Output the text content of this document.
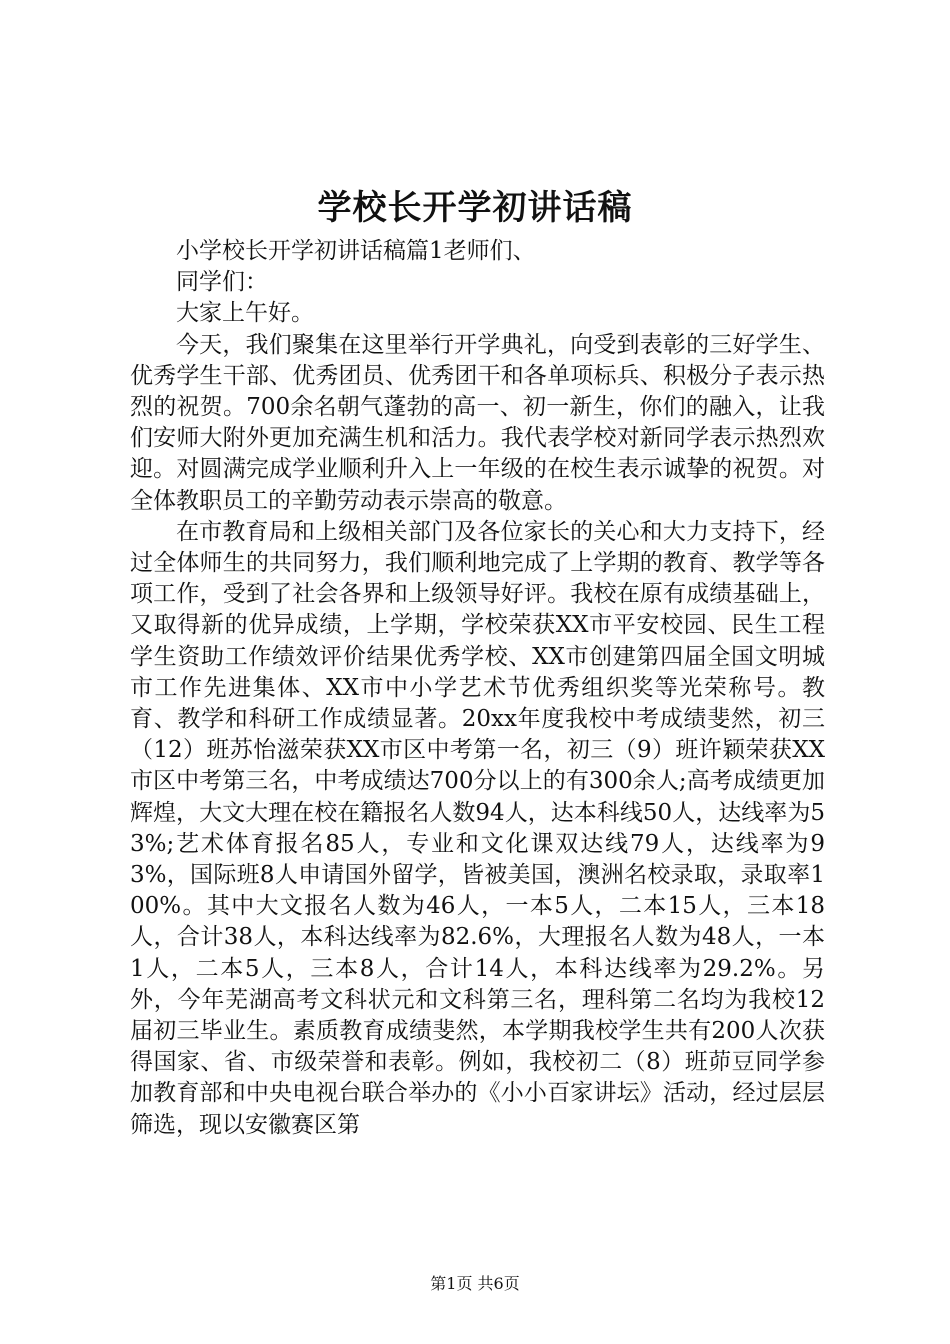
学校长开学初讲话稿

小学校长开学初讲话稿篇1老师们、

同学们：

大家上午好。

今天，我们聚集在这里举行开学典礼，向受到表彰的三好学生、优秀学生干部、优秀团员、优秀团干和各单项标兵、积极分子表示热烈的祝贺。700余名朝气蓬勃的高一、初一新生，你们的融入，让我们安师大附外更加充满生机和活力。我代表学校对新同学表示热烈欢迎。对圆满完成学业顺利升入上一年级的在校生表示诚挚的祝贺。对全体教职员工的辛勤劳动表示崇高的敬意。

在市教育局和上级相关部门及各位家长的关心和大力支持下，经过全体师生的共同努力，我们顺利地完成了上学期的教育、教学等各项工作，受到了社会各界和上级领导好评。我校在原有成绩基础上，又取得新的优异成绩，上学期，学校荣获XX市平安校园、民生工程学生资助工作绩效评价结果优秀学校、XX市创建第四届全国文明城市工作先进集体、XX市中小学艺术节优秀组织奖等光荣称号。教育、教学和科研工作成绩显著。20xx年度我校中考成绩斐然，初三（12）班苏怡滋荣获XX市区中考第一名，初三（9）班许颖荣获XX市区中考第三名，中考成绩达700分以上的有300余人;高考成绩更加辉煌，大文大理在校在籍报名人数94人，达本科线50人，达线率为53%;艺术体育报名85人，专业和文化课双达线79人，达线率为93%，国际班8人申请国外留学，皆被美国，澳洲名校录取，录取率100%。其中大文报名人数为46人，一本5人，二本15人，三本18人，合计38人，本科达线率为82.6%，大理报名人数为48人，一本1人，二本5人，三本8人，合计14人，本科达线率为29.2%。另外，今年芜湖高考文科状元和文科第三名，理科第二名均为我校12届初三毕业生。素质教育成绩斐然，本学期我校学生共有200人次获得国家、省、市级荣誉和表彰。例如，我校初二（8）班茆豆同学参加教育部和中央电视台联合举办的《小小百家讲坛》活动，经过层层筛选，现以安徽赛区第

第1页 共6页
